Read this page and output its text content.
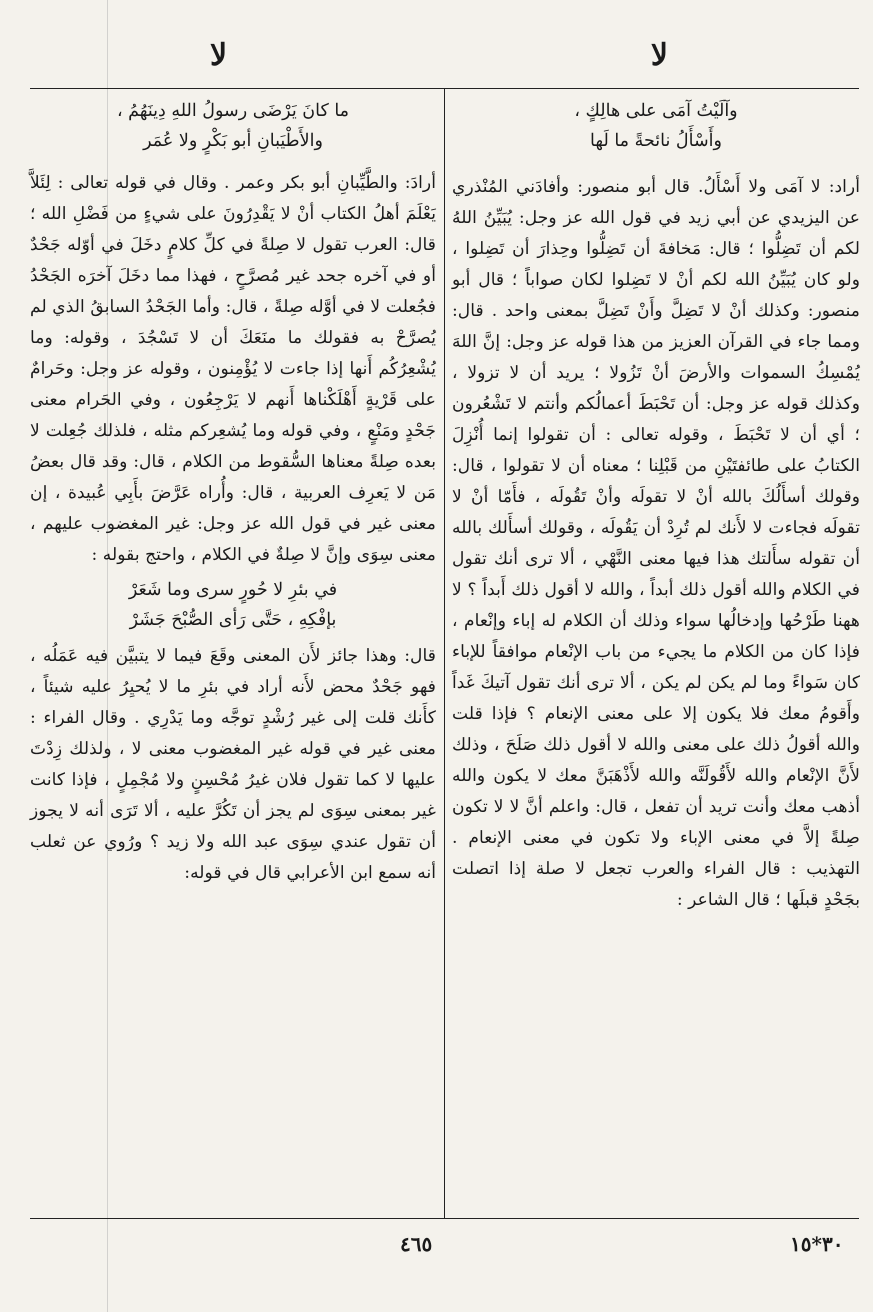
لا
لا
وآلَيْتُ آمَى على هالِكٍ ،
وأَسْأَلُ نائحةً ما لَها

أراد: لا آمَى ولا أَسْأَلُ. قال أبو منصور: وأفادَني المُنْذري عن اليزيدي عن أبي زيد في قول الله عز وجل: يُبَيِّنُ اللهُ لكم أن تَضِلُّوا ؛ قال: مَخافةَ أن تَضِلُّوا وحِذارَ أن تَضِلوا ، ولو كان يُبَيِّنُ الله لكم أنْ لا تَضِلوا لكان صواباً ؛ قال أبو منصور: وكذلك أنْ لا تَضِلَّ وأَنْ تَضِلَّ بمعنى واحد . قال: ومما جاء في القرآن العزيز من هذا قوله عز وجل: إنَّ اللهَ يُمْسِكُ السموات والأرضَ أنْ تَزُولا ؛ يريد أن لا تزولا ، وكذلك قوله عز وجل: أن تَحْبَطَ أعمالُكم وأنتم لا تَشْعُرون ؛ أي أن لا تَحْبَطَ ، وقوله تعالى : أن تقولوا إنما أُنْزِلَ الكتابُ على طائفتَيْنِ من قَبْلِنا ؛ معناه أن لا تقولوا ، قال: وقولك أسأَلُكَ بالله أنْ لا تقولَه وأنْ تَقُولَه ، فأَمّا أنْ لا تقولَه فجاءت لا لأَنك لم تُرِدْ أن يَقُولَه ، وقولك أسأَلك بالله أن تقوله سأَلتك هذا فيها معنى النَّهْي ، ألا ترى أنك تقول في الكلام والله أقول ذلك أبداً ، والله لا أقول ذلك أَبداً ؟ لا ههنا طَرْحُها وإدخالُها سواء وذلك أن الكلام له إباء وإنْعام ، فإذا كان من الكلام ما يجيء من باب الإنْعام موافقاً للإباء كان سَواءً وما لم يكن لم يكن ، ألا ترى أنك تقول آتيكَ غَداً وأَقومُ معك فلا يكون إلا على معنى الإنعام ؟ فإذا قلت والله أقولُ ذلك على معنى والله لا أقول ذلك صَلَحَ ، وذلك لأَنَّ الإنْعام والله لأَقُولَنَّه والله لأَذْهَبَنَّ معك لا يكون والله أذهب معك وأنت تريد أن تفعل ، قال: واعلم أنَّ لا لا تكون صِلةً إلاَّ في معنى الإباء ولا تكون في معنى الإنعام . التهذيب : قال الفراء والعرب تجعل لا صلة إذا اتصلت بجَحْدٍ قبلَها ؛ قال الشاعر :

ما كانَ يَرْضَى رسولُ اللهِ دِينَهُمُ ،
والأَطْيَبانِ أبو بَكْرٍ ولا عُمَر

أرادَ: والطَّيِّبانِ أبو بكر وعمر . وقال في قوله تعالى : لِئَلاَّ يَعْلَمَ أهلُ الكتاب أنْ لا يَقْدِرُونَ على شيءٍ من فَضْلِ الله ؛ قال: العرب تقول لا صِلةً في كلِّ كلامٍ دخَلَ في أوّله جَحْدٌ أو في آخره جحد غير مُصرَّحٍ ، فهذا مما دخَلَ آخرَه الجَحْدُ فجُعلت لا في أوَّله صِلةً ، قال: وأما الجَحْدُ السابقُ الذي لم يُصرَّحْ به فقولك ما منَعَكَ أن لا تَسْجُدَ ، وقوله: وما يُشْعِرُكُم أَنها إذا جاءت لا يُؤْمِنون ، وقوله عز وجل: وحَرامٌ على قَرْيةٍ أَهْلَكْناها أَنهم لا يَرْجِعُون ، وفي الحَرام معنى جَحْدٍ ومَنْعٍ ، وفي قوله وما يُشعِركم مثله ، فلذلك جُعِلت لا بعده صِلةً معناها السُّقوط من الكلام ، قال: وقد قال بعضُ مَن لا يَعرِف العربية ، قال: وأُراه عَرَّضَ بأَبِي عُبيدة ، إن معنى غير في قول الله عز وجل: غير المغضوب عليهم ، معنى سِوَى وإنَّ لا صِلةٌ في الكلام ، واحتج بقوله :

في بئرِ لا حُورٍ سرى وما شَعَرْ
بإفْكِهِ ، حَتَّى رَأى الصُّبْحَ جَشَرْ

قال: وهذا جائز لأَن المعنى وقَعَ فيما لا يتبيَّن فيه عَمَلُه ، فهو جَحْدٌ محض لأَنه أراد في بئرِ ما لا يُحيِرُ عليه شيئاً ، كأَنك قلت إلى غير رُشْدٍ توجَّه وما يَدْرِي . وقال الفراء : معنى غير في قوله غير المغضوب معنى لا ، ولذلك زِدْتَ عليها لا كما تقول فلان غيرُ مُحْسِنٍ ولا مُجْمِلٍ ، فإذا كانت غير بمعنى سِوَى لم يجز أن تَكُرَّ عليه ، ألا تَرَى أنه لا يجوز أن تقول عندي سِوَى عبد الله ولا زيد ؟ ورُوي عن ثعلب أنه سمع ابن الأعرابي قال في قوله:

٤٦٥	٣٠*١٥
